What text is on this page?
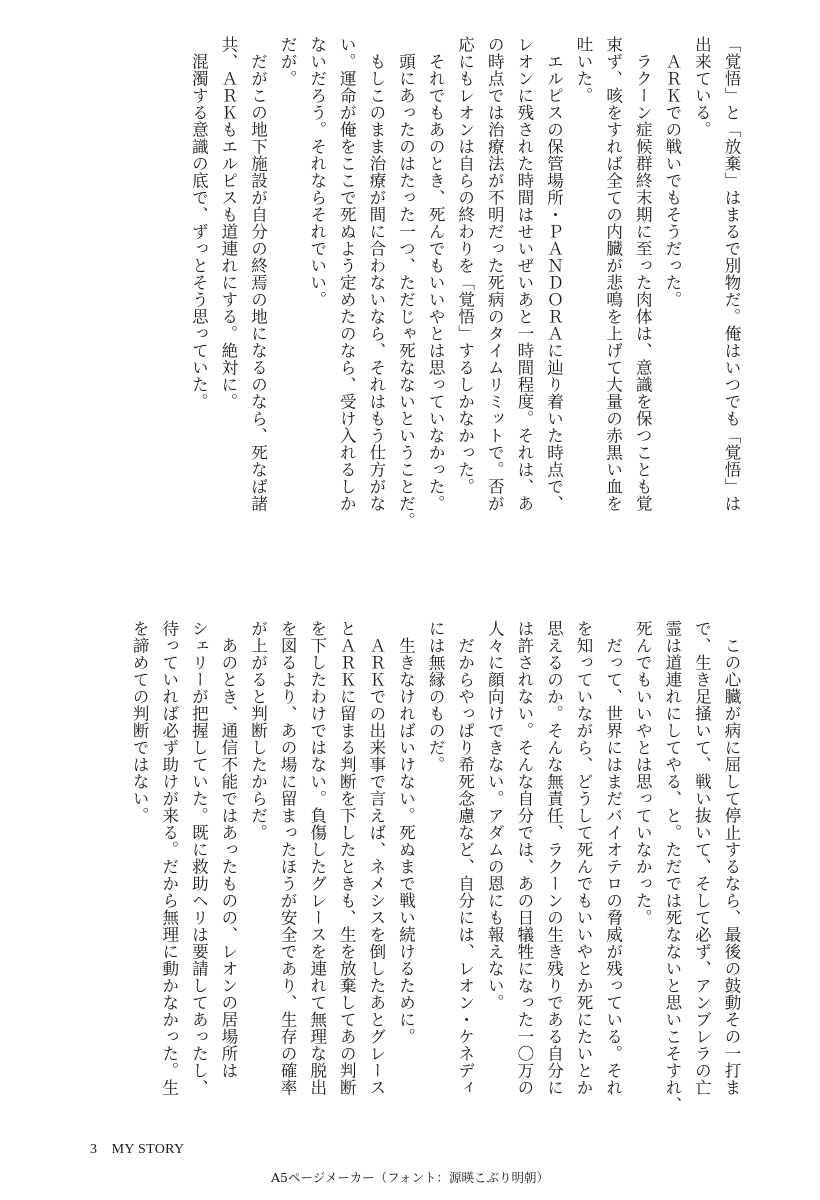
「覚悟」と「放棄」はまるで別物だ。俺はいつでも「覚悟」は
出来ている。
　ＡＲＫでの戦いでもそうだった。
　ラクーン症候群終末期に至った肉体は、意識を保つことも覚
束ず、咳をすれば全ての内臓が悲鳴を上げて大量の赤黒い血を
吐いた。
　エルピスの保管場所・ＰＡＮＤＯＲＡに辿り着いた時点で、
レオンに残された時間はせいぜいあと一時間程度。それは、あ
の時点では治療法が不明だった死病のタイムリミットで。否が
応にもレオンは自らの終わりを「覚悟」するしかなかった。
　それでもあのとき、死んでもいいやとは思っていなかった。
　頭にあったのはたった一つ、ただじゃ死なないということだ。
　もしこのまま治療が間に合わないなら、それはもう仕方がな
い。運命が俺をここで死ぬよう定めたのなら、受け入れるしか
ないだろう。それならそれでいい。
だが。
　だがこの地下施設が自分の終焉の地になるのなら、死なば諸
共、ＡＲＫもエルピスも道連れにする。絶対に。
　混濁する意識の底で、ずっとそう思っていた。
　この心臓が病に屈して停止するなら、最後の鼓動その一打ま
で、生き足掻いて、戦い抜いて、そして必ず、アンブレラの亡
霊は道連れにしてやる、と。ただでは死なないと思いこそすれ、
死んでもいいやとは思っていなかった。
　だって、世界にはまだバイオテロの脅威が残っている。それ
を知っていながら、どうして死んでもいいやとか死にたいとか
思えるのか。そんな無責任、ラクーンの生き残りである自分に
は許されない。そんな自分では、あの日犠牲になった一〇万の
人々に顔向けできない。アダムの恩にも報えない。
　だからやっぱり希死念慮など、自分には、レオン・ケネディ
には無縁のものだ。
　生きなければいけない。死ぬまで戦い続けるために。
　ＡＲＫでの出来事で言えば、ネメシスを倒したあとグレース
とＡＲＫに留まる判断を下したときも、生を放棄してあの判断
を下したわけではない。負傷したグレースを連れて無理な脱出
を図るより、あの場に留まったほうが安全であり、生存の確率
が上がると判断したからだ。
　あのとき、通信不能ではあったものの、レオンの居場所は
シェリーが把握していた。既に救助ヘリは要請してあったし、
待っていれば必ず助けが来る。だから無理に動かなかった。生
を諦めての判断ではない。
3　MY STORY
A5ページメーカー（フォント：源暎こぶり明朝）
